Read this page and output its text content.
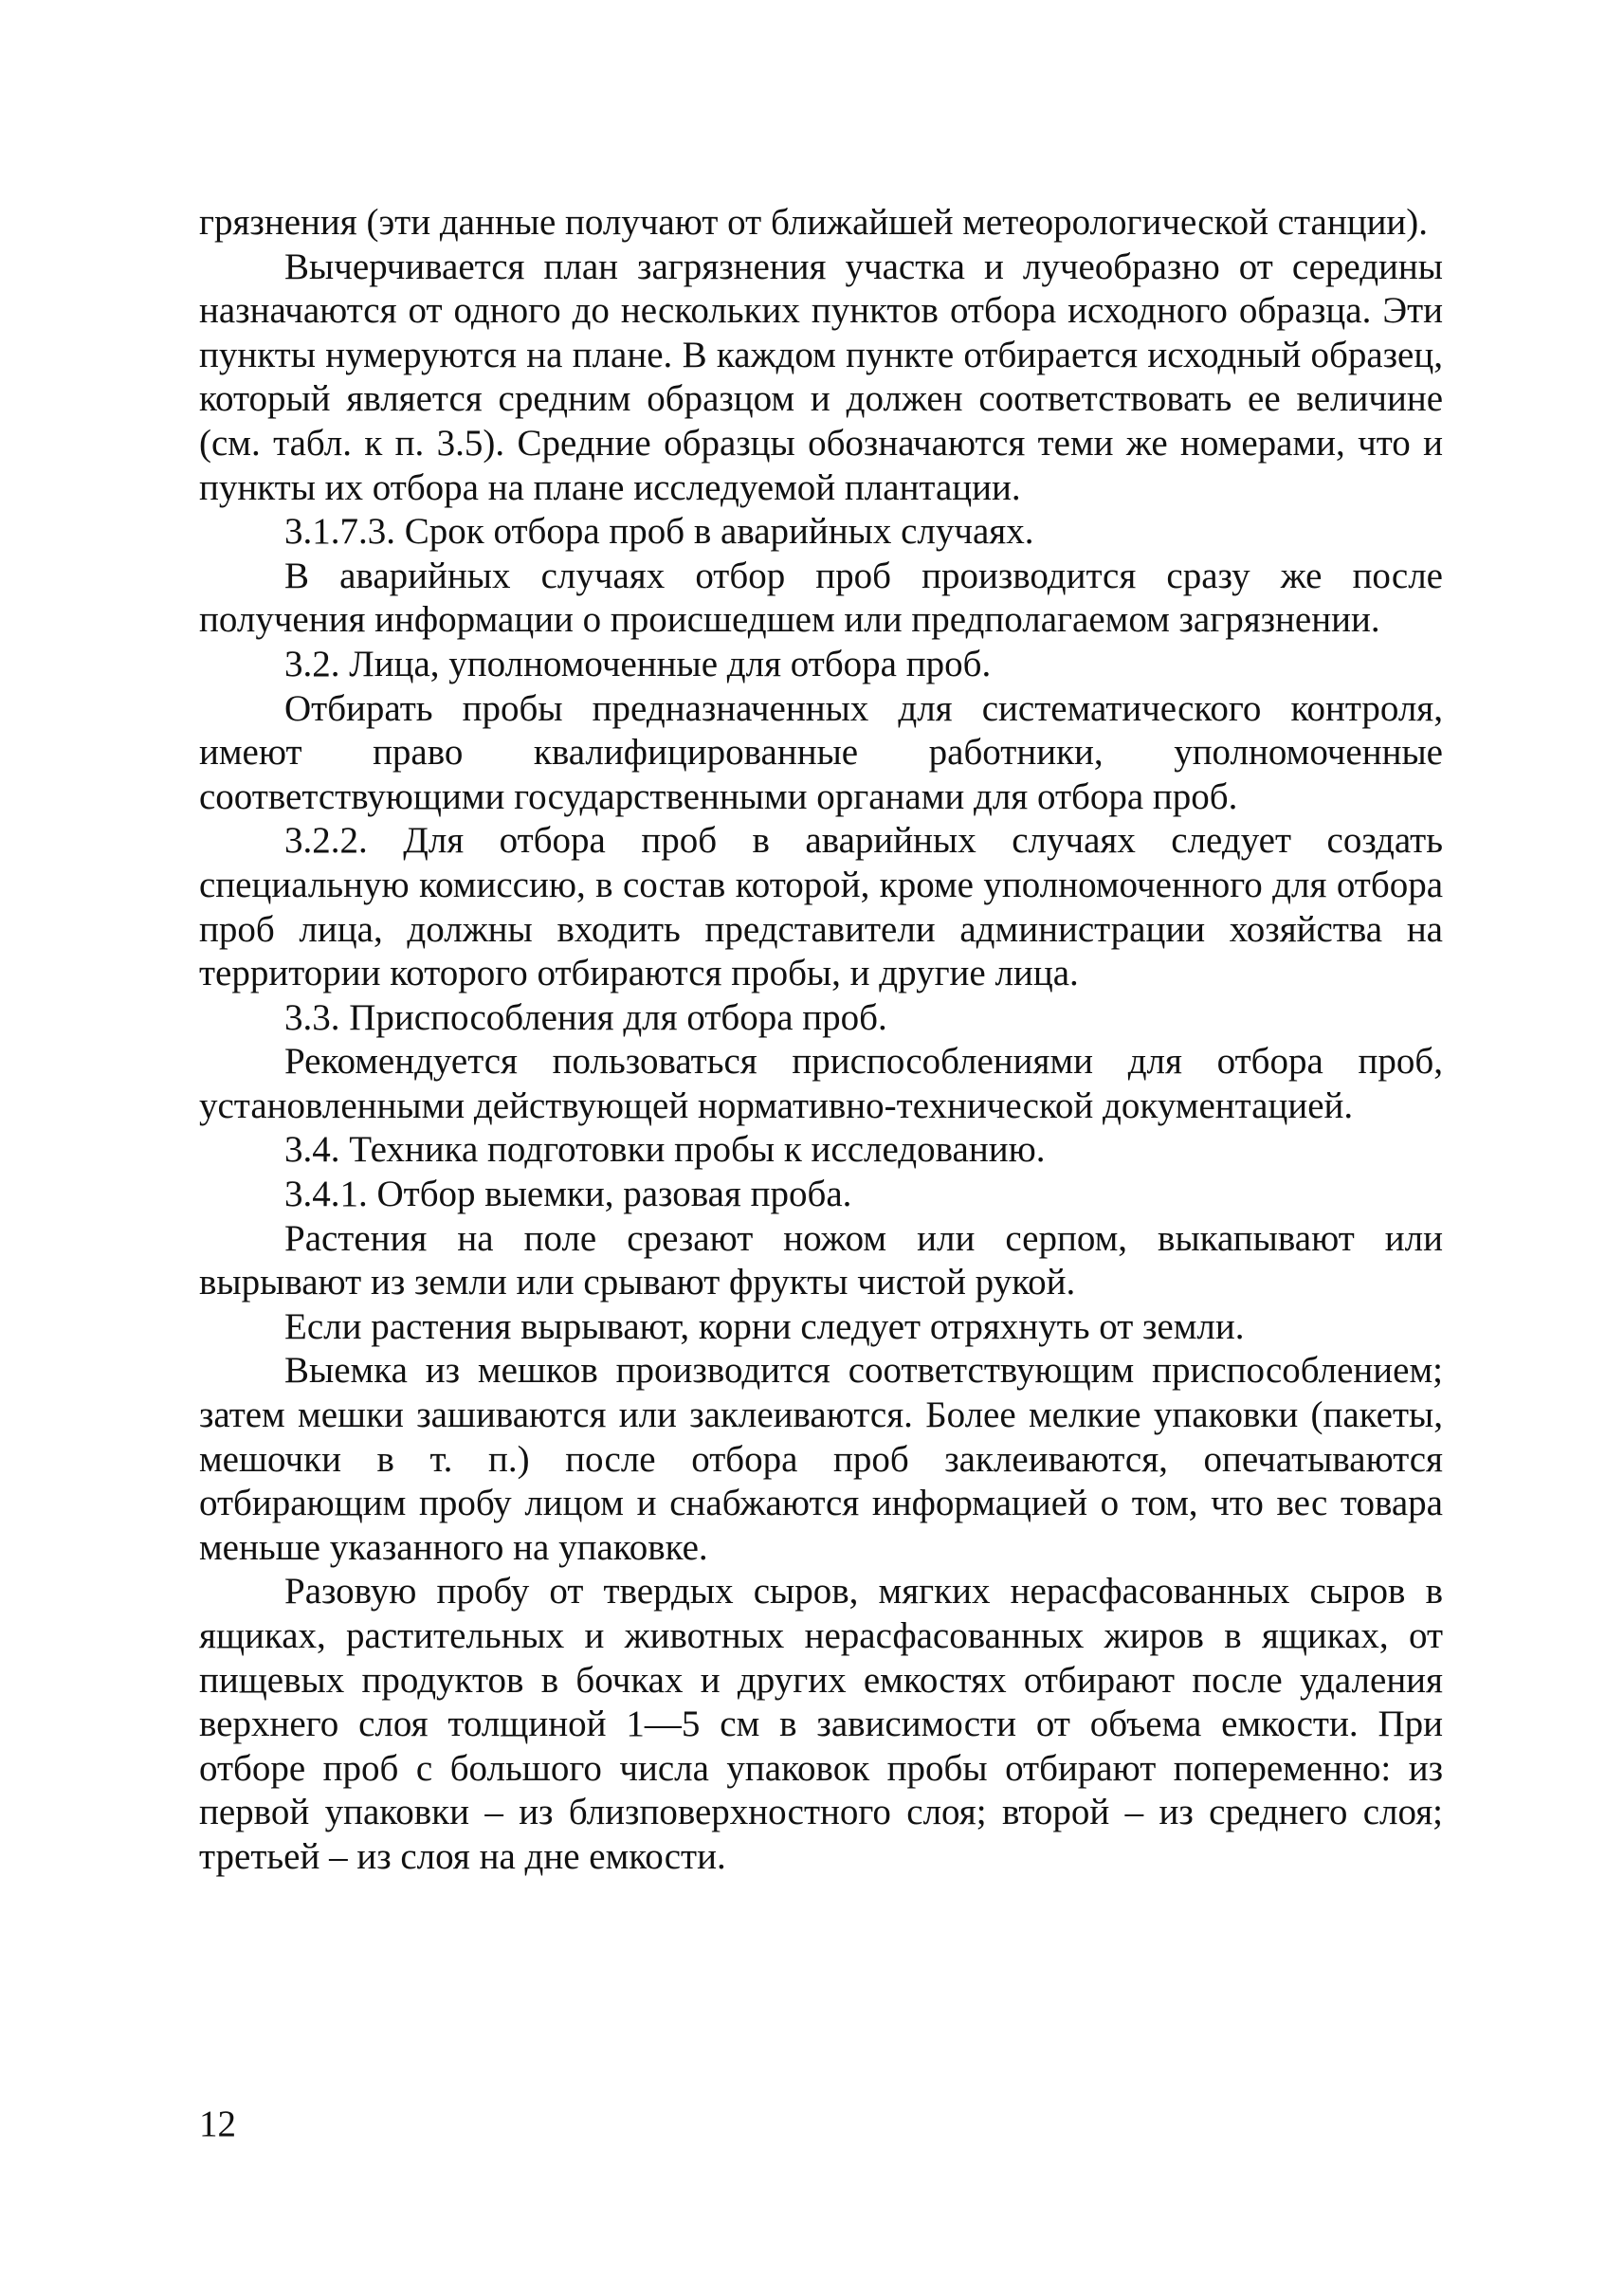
грязнения (эти данные получают от ближайшей метеорологической станции).

Вычерчивается план загрязнения участка и лучеобразно от середины назначаются от одного до нескольких пунктов отбора исходного образца. Эти пункты нумеруются на плане. В каждом пункте отбирается исходный образец, который является средним образцом и должен соответствовать ее величине (см. табл. к п. 3.5). Средние образцы обозначаются теми же номерами, что и пункты их отбора на плане исследуемой плантации.

3.1.7.3. Срок отбора проб в аварийных случаях.

В аварийных случаях отбор проб производится сразу же после получения информации о происшедшем или предполагаемом загрязнении.

3.2. Лица, уполномоченные для отбора проб.

Отбирать пробы предназначенных для систематического контроля, имеют право квалифицированные работники, уполномоченные соответствующими государственными органами для отбора проб.

3.2.2. Для отбора проб в аварийных случаях следует создать специальную комиссию, в состав которой, кроме уполномоченного для отбора проб лица, должны входить представители администрации хозяйства на территории которого отбираются пробы, и другие лица.

3.3. Приспособления для отбора проб.

Рекомендуется пользоваться приспособлениями для отбора проб, установленными действующей нормативно-технической документацией.

3.4. Техника подготовки пробы к исследованию.

3.4.1. Отбор выемки, разовая проба.

Растения на поле срезают ножом или серпом, выкапывают или вырывают из земли или срывают фрукты чистой рукой.

Если растения вырывают, корни следует отряхнуть от земли.

Выемка из мешков производится соответствующим приспособлением; затем мешки зашиваются или заклеиваются. Более мелкие упаковки (пакеты, мешочки в т. п.) после отбора проб заклеиваются, опечатываются отбирающим пробу лицом и снабжаются информацией о том, что вес товара меньше указанного на упаковке.

Разовую пробу от твердых сыров, мягких нерасфасованных сыров в ящиках, растительных и животных нерасфасованных жиров в ящиках, от пищевых продуктов в бочках и других емкостях отбирают после удаления верхнего слоя толщиной 1—5 см в зависимости от объема емкости. При отборе проб с большого числа упаковок пробы отбирают попеременно: из первой упаковки – из близповерхностного слоя; второй – из среднего слоя; третьей – из слоя на дне емкости.

12
